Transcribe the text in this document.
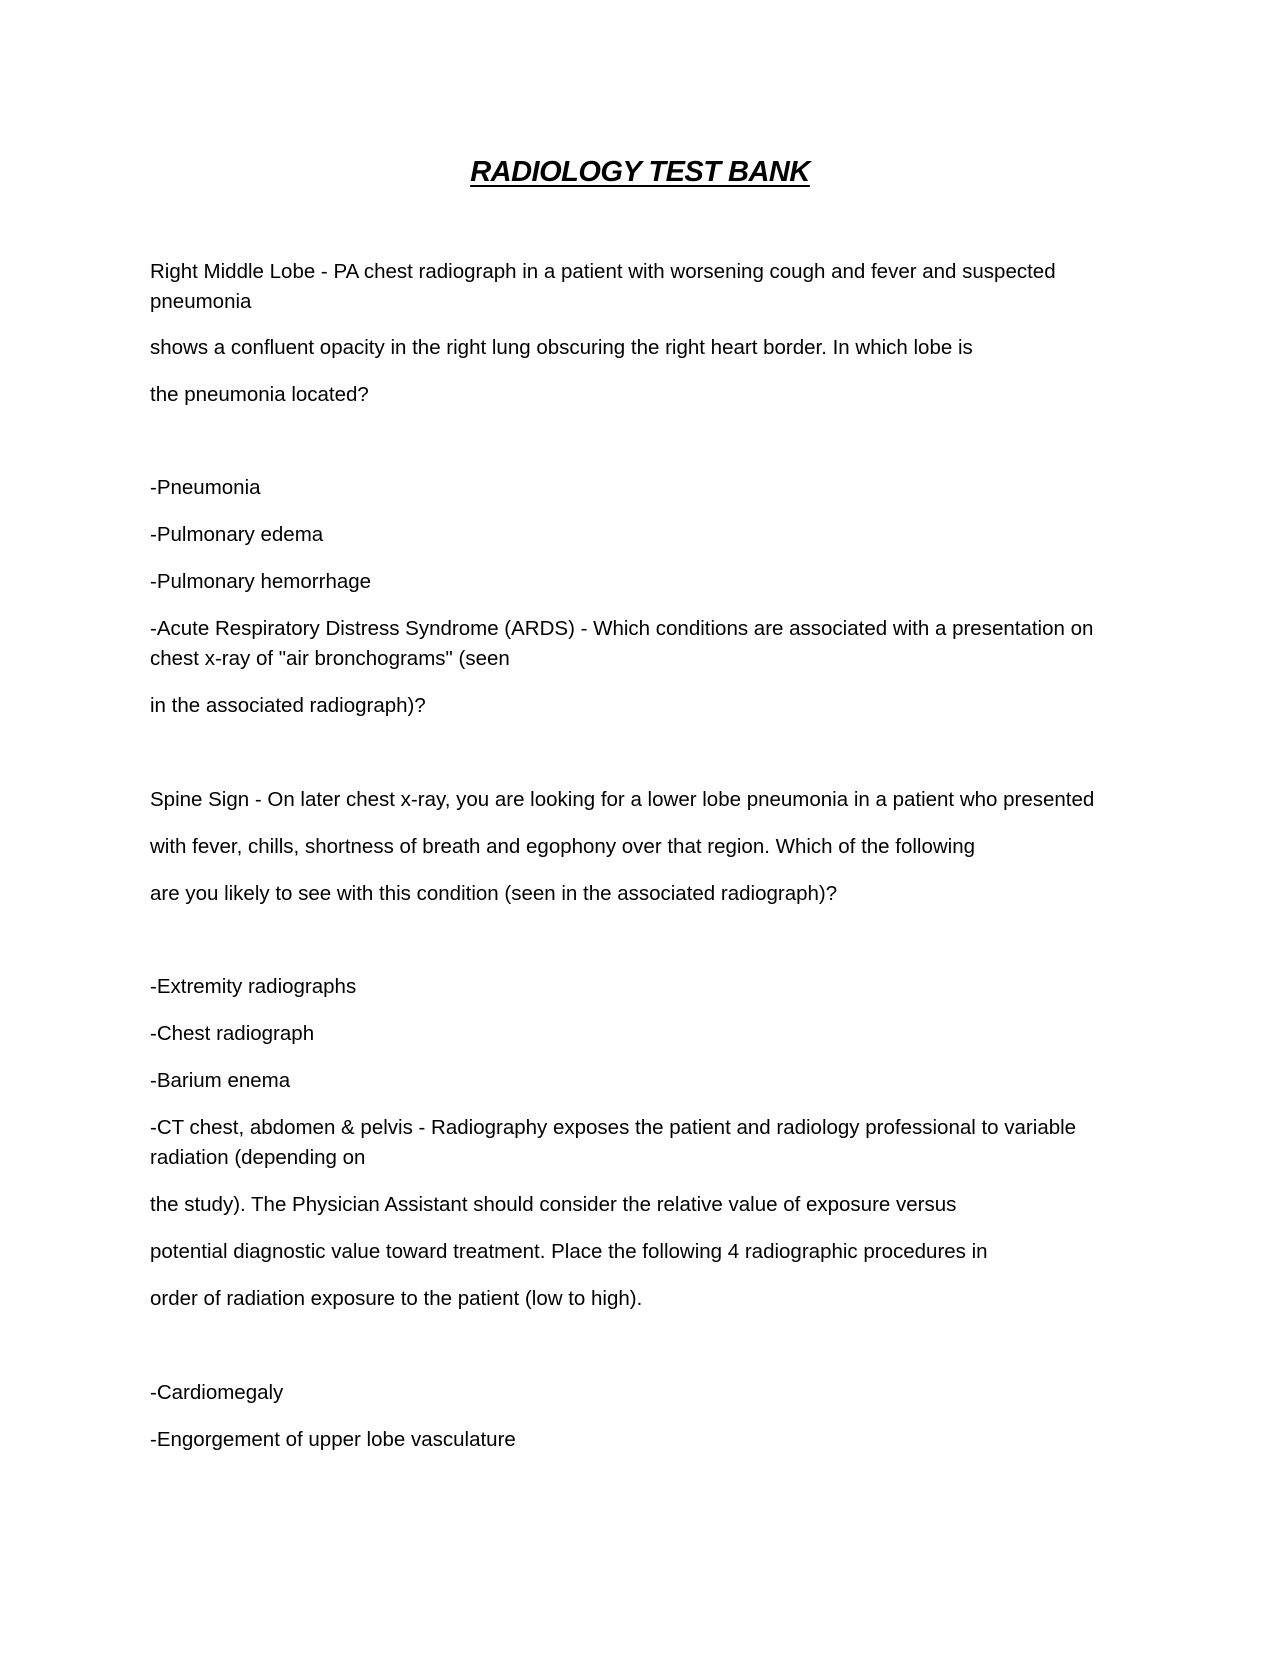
RADIOLOGY TEST BANK

Right Middle Lobe - PA chest radiograph in a patient with worsening cough and fever and suspected

pneumonia

shows a confluent opacity in the right lung obscuring the right heart border. In which lobe is

the pneumonia located?

-Pneumonia

-Pulmonary edema

-Pulmonary hemorrhage

-Acute Respiratory Distress Syndrome (ARDS) - Which conditions are associated with a presentation on

chest x-ray of "air bronchograms" (seen

in the associated radiograph)?

Spine Sign - On later chest x-ray, you are looking for a lower lobe pneumonia in a patient who presented

with fever, chills, shortness of breath and egophony over that region. Which of the following

are you likely to see with this condition (seen in the associated radiograph)?

-Extremity radiographs

-Chest radiograph

-Barium enema

-CT chest, abdomen & pelvis - Radiography exposes the patient and radiology professional to variable

radiation (depending on

the study). The Physician Assistant should consider the relative value of exposure versus

potential diagnostic value toward treatment. Place the following 4 radiographic procedures in

order of radiation exposure to the patient (low to high).

-Cardiomegaly

-Engorgement of upper lobe vasculature
